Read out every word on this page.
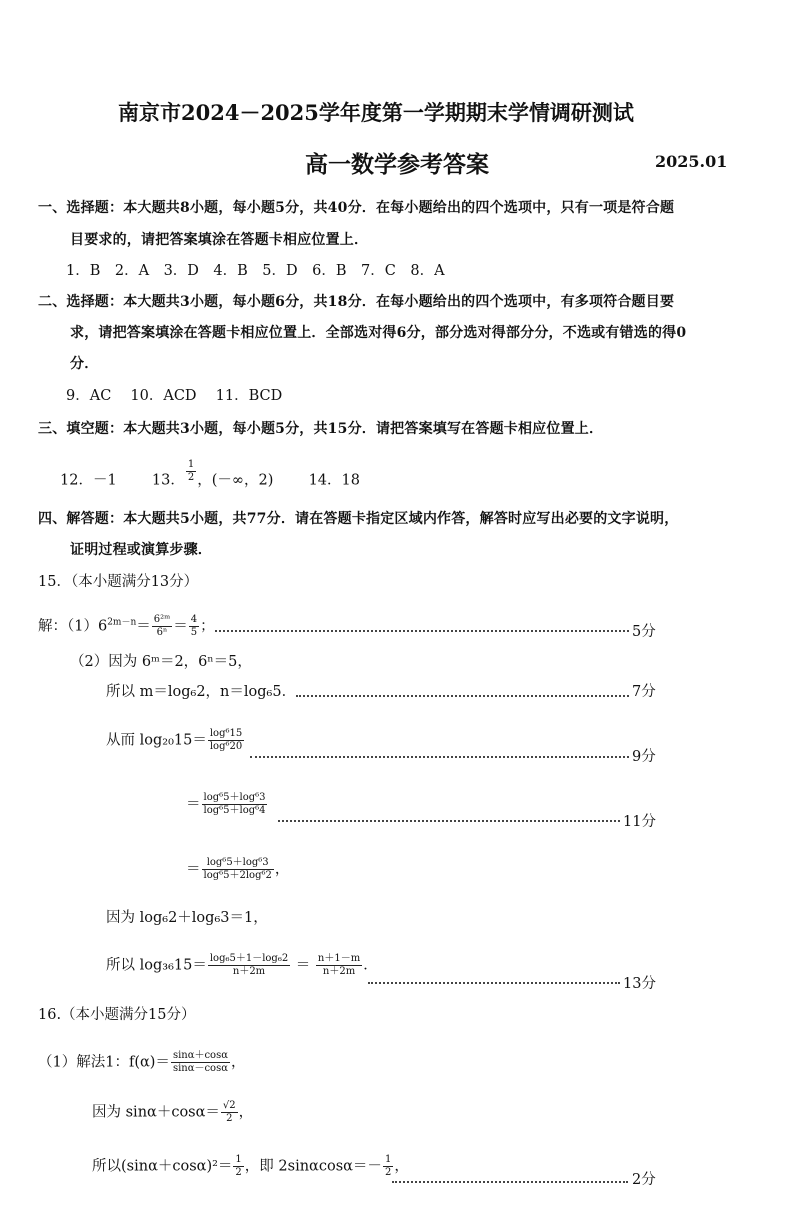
南京市2024－2025学年度第一学期期末学情调研测试
高一数学参考答案	2025.01
一、选择题：本大题共8小题，每小题5分，共40分．在每小题给出的四个选项中，只有一项是符合题
目要求的，请把答案填涂在答题卡相应位置上．
1．B　2．A　3．D　4．B　5．D　6．B　7．C　8．A
二、选择题：本大题共3小题，每小题6分，共18分．在每小题给出的四个选项中，有多项符合题目要
求，请把答案填涂在答题卡相应位置上．全部选对得6分，部分选对得部分分，不选或有错选的得0
分．
9．AC　 10．ACD　 11．BCD
三、填空题：本大题共3小题，每小题5分，共15分．请把答案填写在答题卡相应位置上．
12．－1 13． $\frac{1}{2}$ ，(－∞，2) 14．18
四、解答题：本大题共5小题，共77分．请在答题卡指定区域内作答，解答时应写出必要的文字说明，
证明过程或演算步骤．
15．（本小题满分13分）
解：$(1)6^{2m-n}= \frac{\text{6²ᵐ}}{\text{6ⁿ}} = \frac{4}{5}$ ；	5分
（2）因为 6ᵐ＝2，6ⁿ＝5，
所以 m＝log₆2，n＝log₆5．	7分
从而 $\log_{20}15= \frac{\text{log⁶15}}{\text{log⁶20}}$
9分
＝ $\frac{\text{log⁶5＋log⁶3}}{\text{log⁶5＋log⁶4}}$
11分
＝ $\frac{\text{log⁶5＋log⁶3}}{\text{log⁶5＋2log⁶2}}$ ，
因为 log₆2＋log₆3＝1，
所以 $\log_{36}15= \frac{\text{log₆5＋1－log₆2}}{n+2m} = \frac{n+1-m}{n+2m}$ ．
13分
16.（本小题满分15分）
（1）解法1：$f(\alpha)= \frac{\sin\alpha+\cos\alpha}{\sin\alpha-\cos\alpha}$ ，
因为 $\sin\alpha+\cos\alpha= \frac{√2}{2}$ ，
所以$(\sin\alpha+\cos\alpha)^2= \frac{1}{2}$ ，即 $2\sin\alpha\cos\alpha=- \frac{1}{2}$ ，
2分
